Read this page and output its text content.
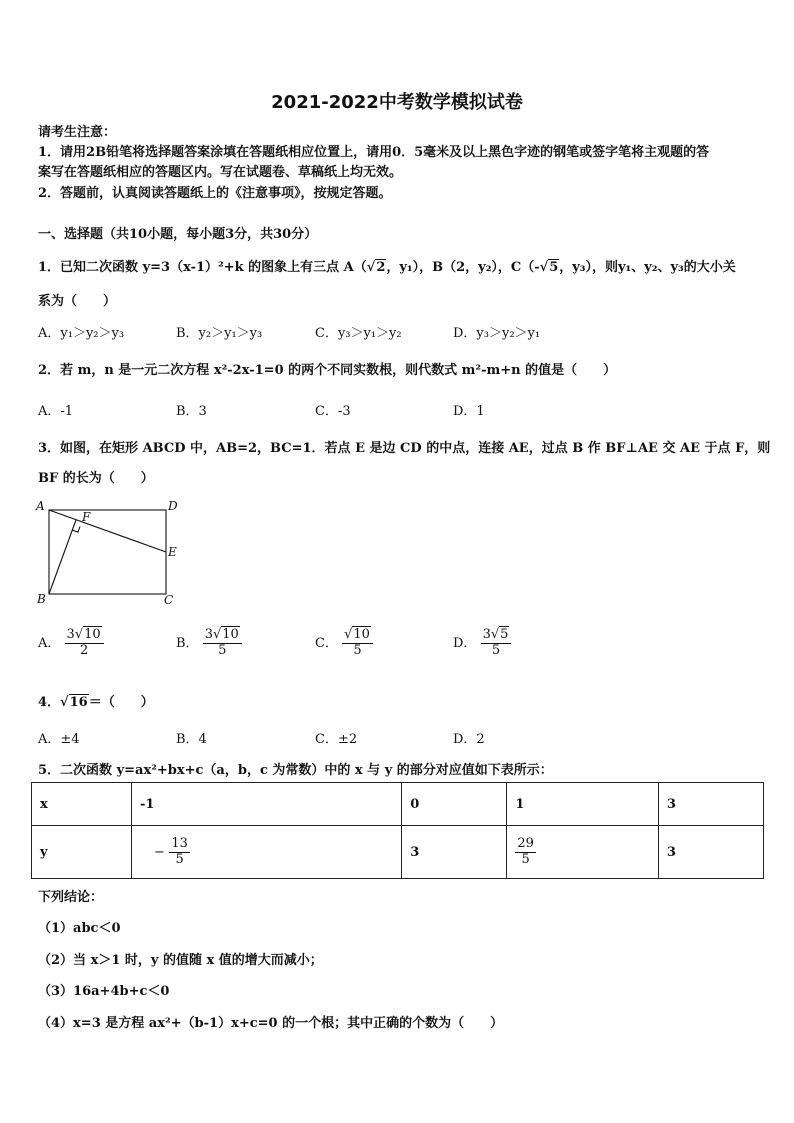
2021-2022中考数学模拟试卷
请考生注意：
1．请用2B铅笔将选择题答案涂填在答题纸相应位置上，请用0．5毫米及以上黑色字迹的钢笔或签字笔将主观题的答
案写在答题纸相应的答题区内。写在试题卷、草稿纸上均无效。
2．答题前，认真阅读答题纸上的《注意事项》，按规定答题。
一、选择题（共10小题，每小题3分，共30分）
1．已知二次函数 y=3（x-1）²+k 的图象上有三点 A（√2，y₁），B（2，y₂），C（-√5，y₃），则y₁、y₂、y₃的大小关
系为（　　）
A．y₁＞y₂＞y₃	B．y₂＞y₁＞y₃	C．y₃＞y₁＞y₂	D．y₃＞y₂＞y₁
2．若 m，n 是一元二次方程 x²-2x-1=0 的两个不同实数根，则代数式 m²-m+n 的值是（　　）
A．-1	B．3	C．-3	D．1
3．如图，在矩形 ABCD 中，AB=2，BC=1．若点 E 是边 CD 的中点，连接 AE，过点 B 作 BF⊥AE 交 AE 于点 F，则
BF 的长为（　　）
A	D
F
E
B	C
A． $\frac{3√10}{2}$	B． $\frac{3√10}{5}$	C． $\frac{√10}{5}$	D． $\frac{3√5}{5}$
4．√16＝（　　）
A．±4	B．4	C．±2	D．2
5．二次函数 y=ax²+bx+c（a，b，c 为常数）中的 x 与 y 的部分对应值如下表所示：
x	-1	0	1	3
y	− $\frac{13}{5}$	3	$\frac{29}{5}$	3
下列结论：
（1）abc＜0
（2）当 x＞1 时，y 的值随 x 值的增大而减小；
（3）16a+4b+c＜0
（4）x=3 是方程 ax²+（b-1）x+c=0 的一个根；其中正确的个数为（　　）
